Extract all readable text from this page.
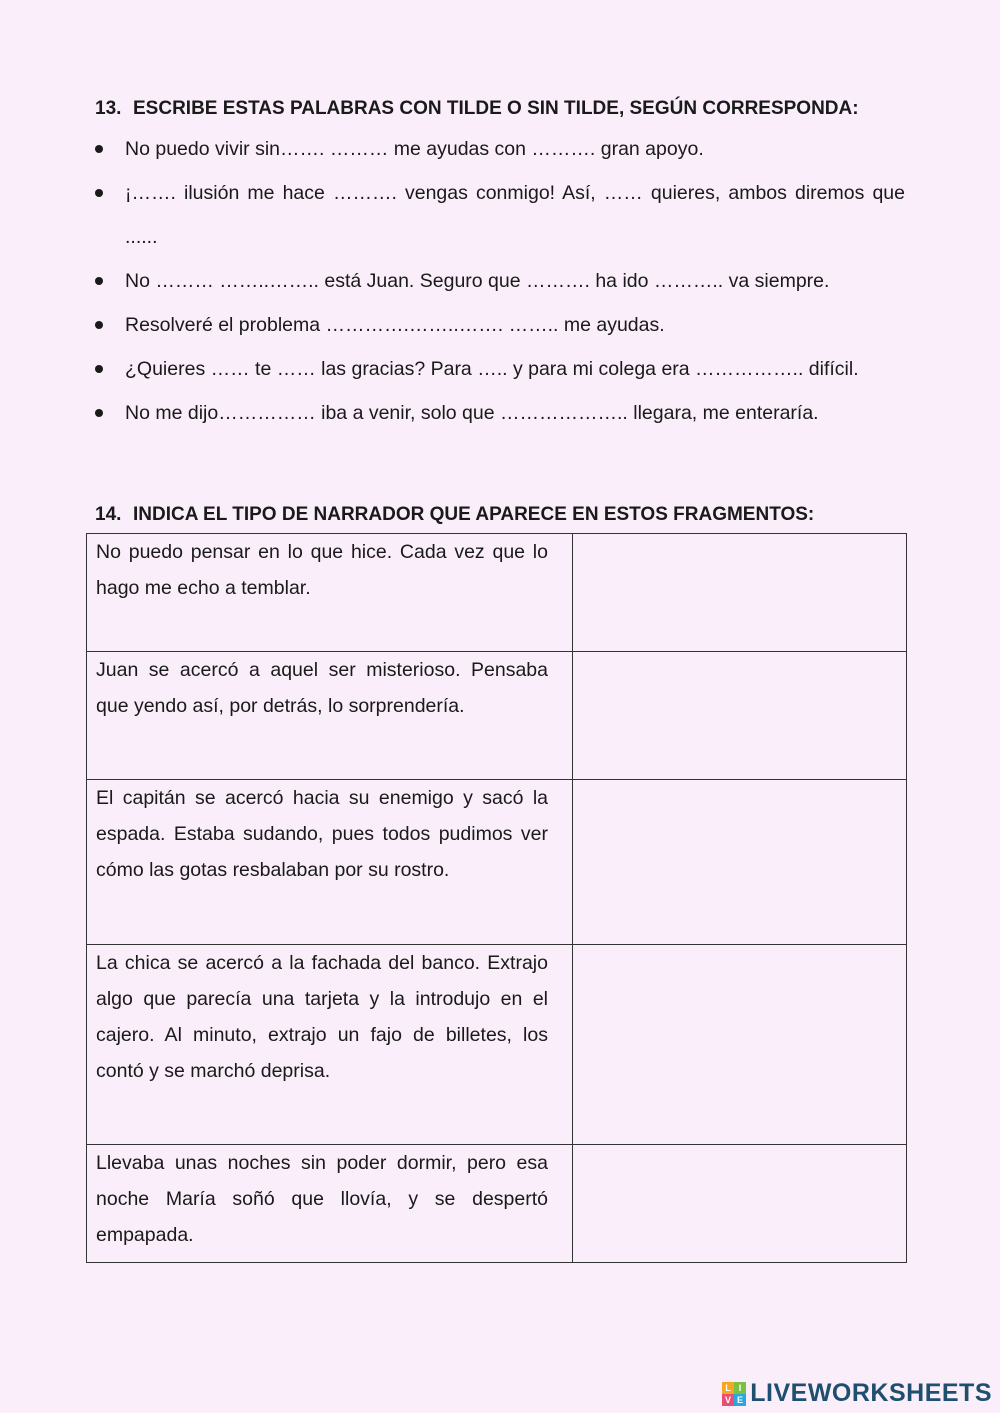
13. ESCRIBE ESTAS PALABRAS CON TILDE O SIN TILDE, SEGÚN CORRESPONDA:
No puedo vivir sin……. ……… me ayudas con ………. gran apoyo.
¡……. ilusión me hace ………. vengas conmigo! Así, …… quieres, ambos diremos que ......
No ……… ……..…….. está Juan. Seguro que ………. ha ido ……….. va siempre.
Resolveré el problema ………….……..……. …….. me ayudas.
¿Quieres …… te …… las gracias? Para ….. y para mi colega era …………….. difícil.
No me dijo…………… iba a venir, solo que ……………….. llegara, me enteraría.
14. INDICA EL TIPO DE NARRADOR QUE APARECE EN ESTOS FRAGMENTOS:
No puedo pensar en lo que hice. Cada vez que lo hago me echo a temblar.	
Juan se acercó a aquel ser misterioso. Pensaba que yendo así, por detrás, lo sorprendería.	
El capitán se acercó hacia su enemigo y sacó la espada. Estaba sudando, pues todos pudimos ver cómo las gotas resbalaban por su rostro.	
La chica se acercó a la fachada del banco. Extrajo algo que parecía una tarjeta y la introdujo en el cajero. Al minuto, extrajo un fajo de billetes, los contó y se marchó deprisa.	
Llevaba unas noches sin poder dormir, pero esa noche María soñó que llovía, y se despertó empapada.	
L I
V E LIVEWORKSHEETS
